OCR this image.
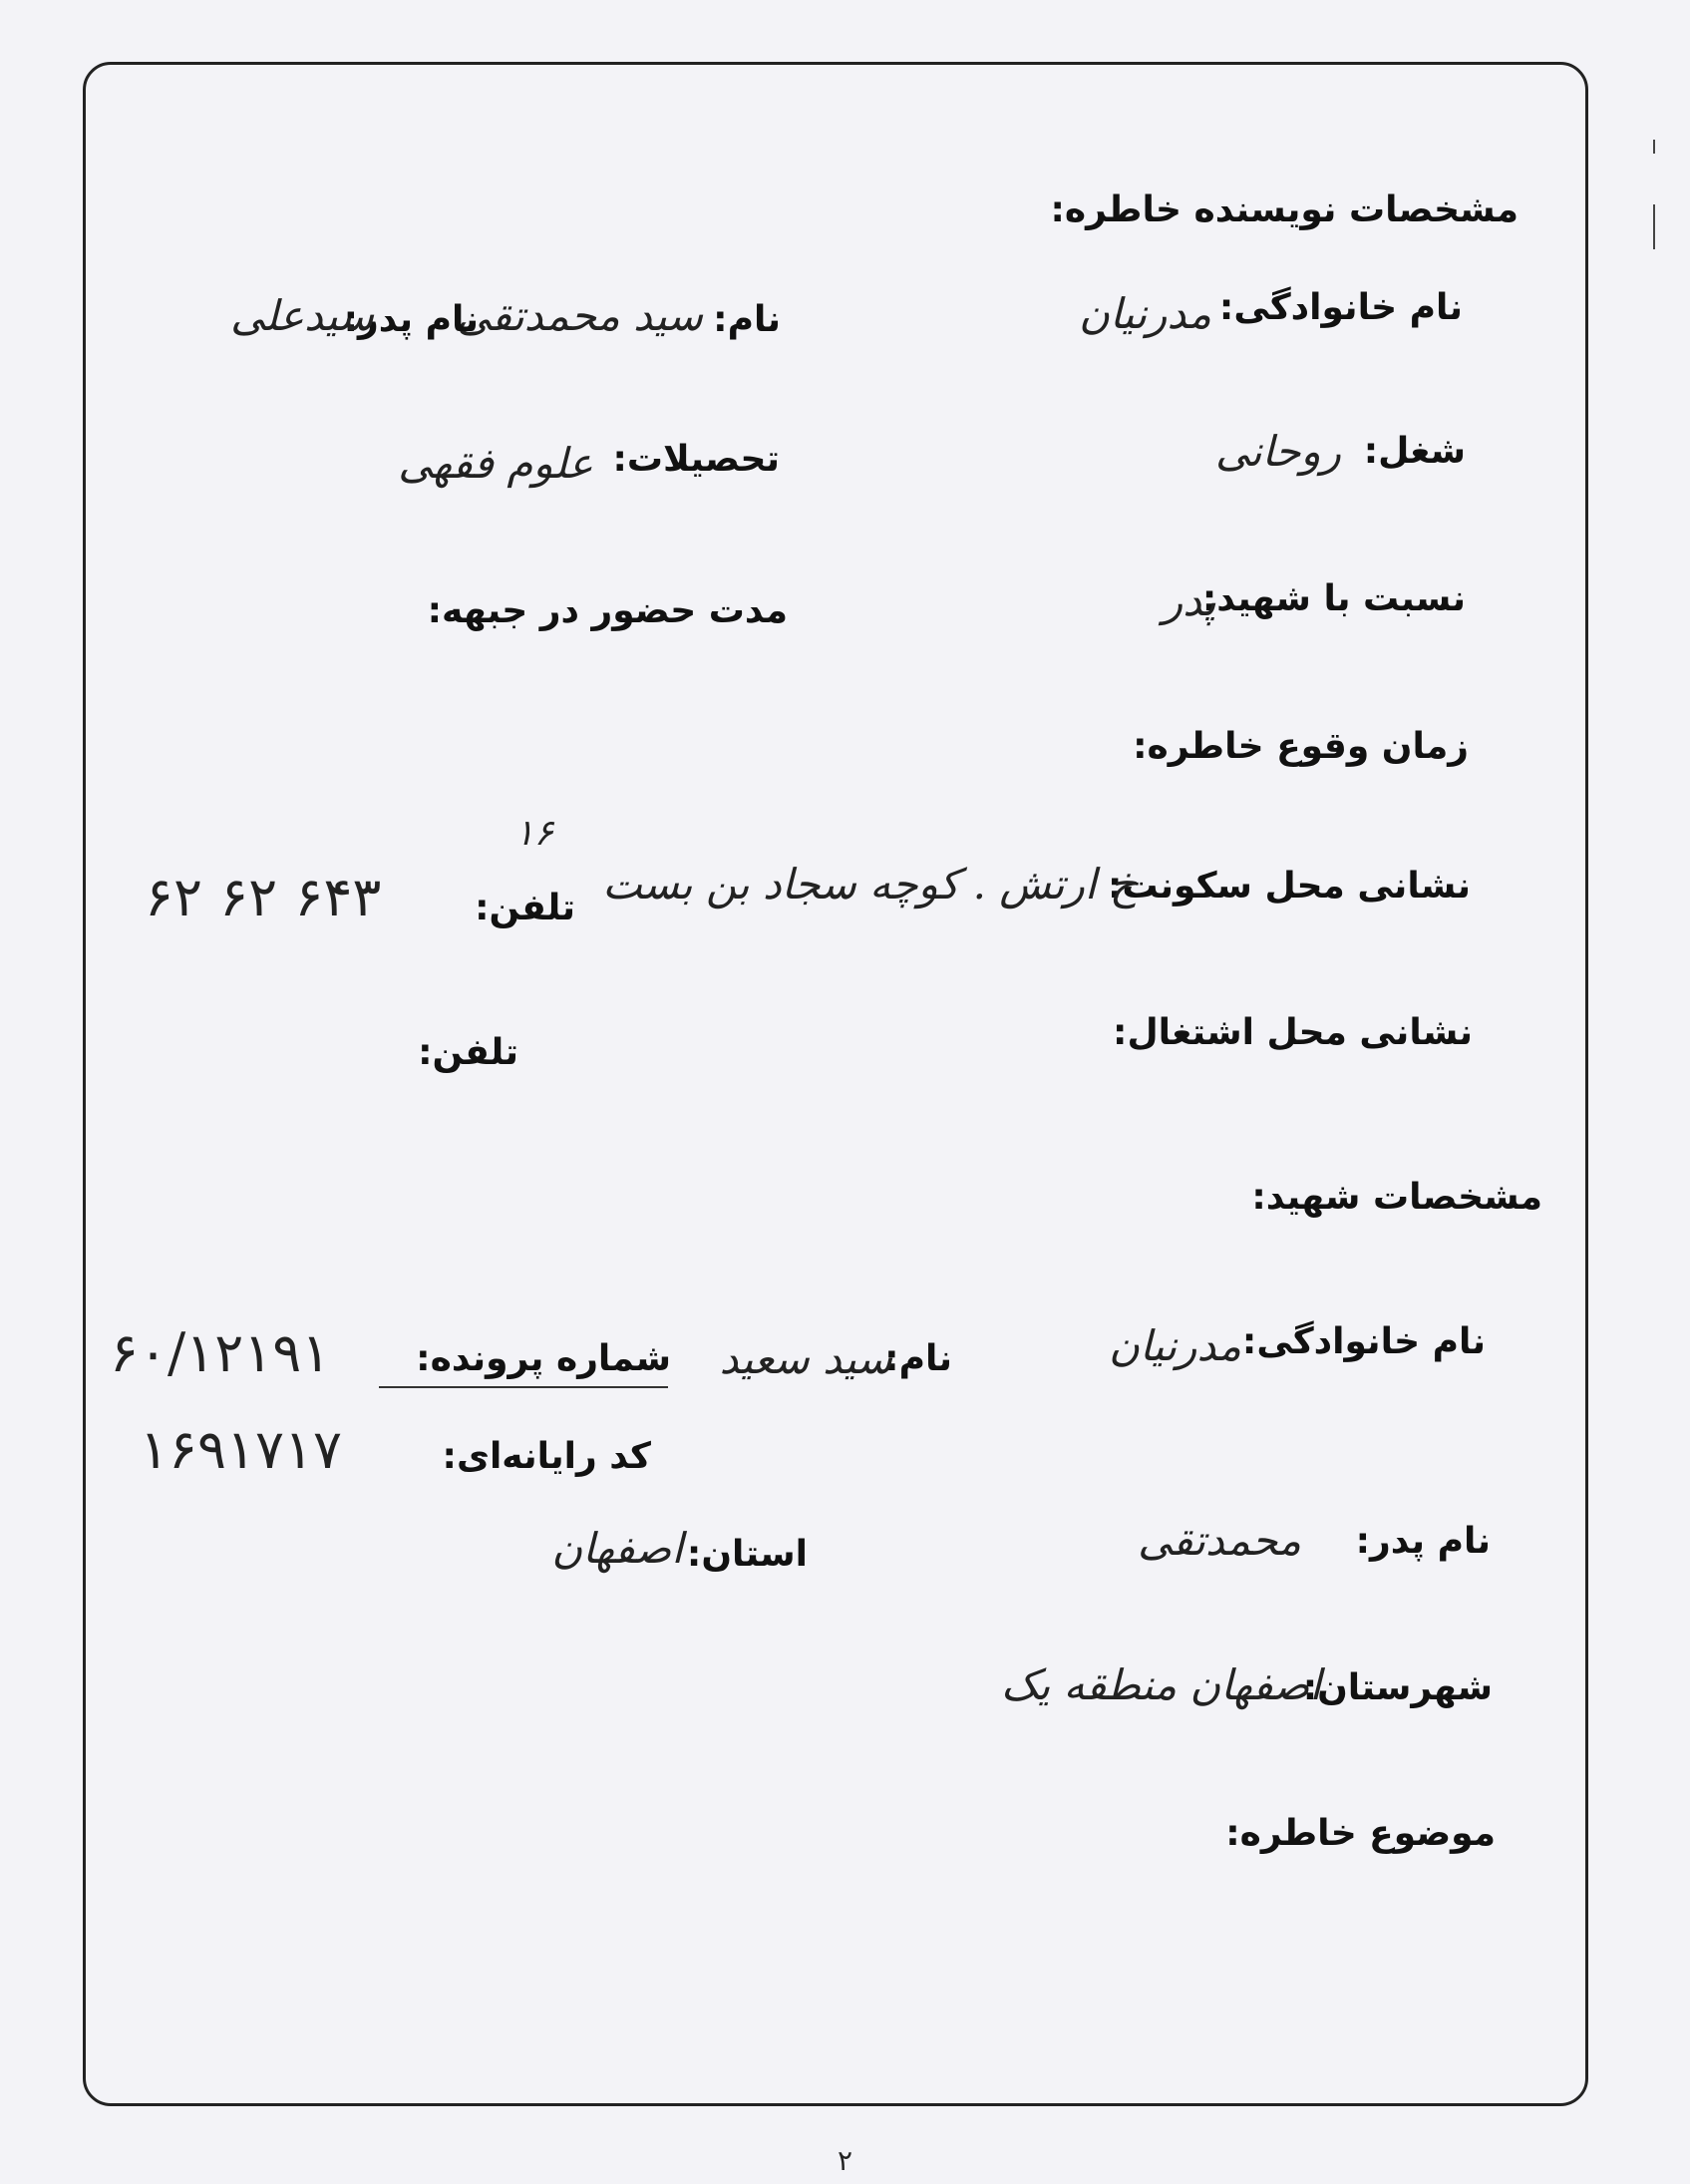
مشخصات نویسنده خاطره:
نام خانوادگی:
مدرنیان
نام:
سید محمدتقی
نام پدر:
سیدعلی
شغل:
روحانی
تحصیلات:
علوم فقهی
نسبت با شهید:
پدر
مدت حضور در جبهه:
زمان وقوع خاطره:
نشانی محل سکونت:
خ ارتش . کوچه سجاد بن بست
۱۶
تلفن:
۶۲ ۶۲ ۶۴۳
نشانی محل اشتغال:
تلفن:
مشخصات شهید:
نام خانوادگی:
مدرنیان
نام:
سید سعید
شماره پرونده:
۶۰/۱۲۱۹۱
کد رایانه‌ای:
۱۶۹۱۷۱۷
نام پدر:
محمدتقی
استان:
اصفهان
شهرستان:
اصفهان منطقه یک
موضوع خاطره:
۲
